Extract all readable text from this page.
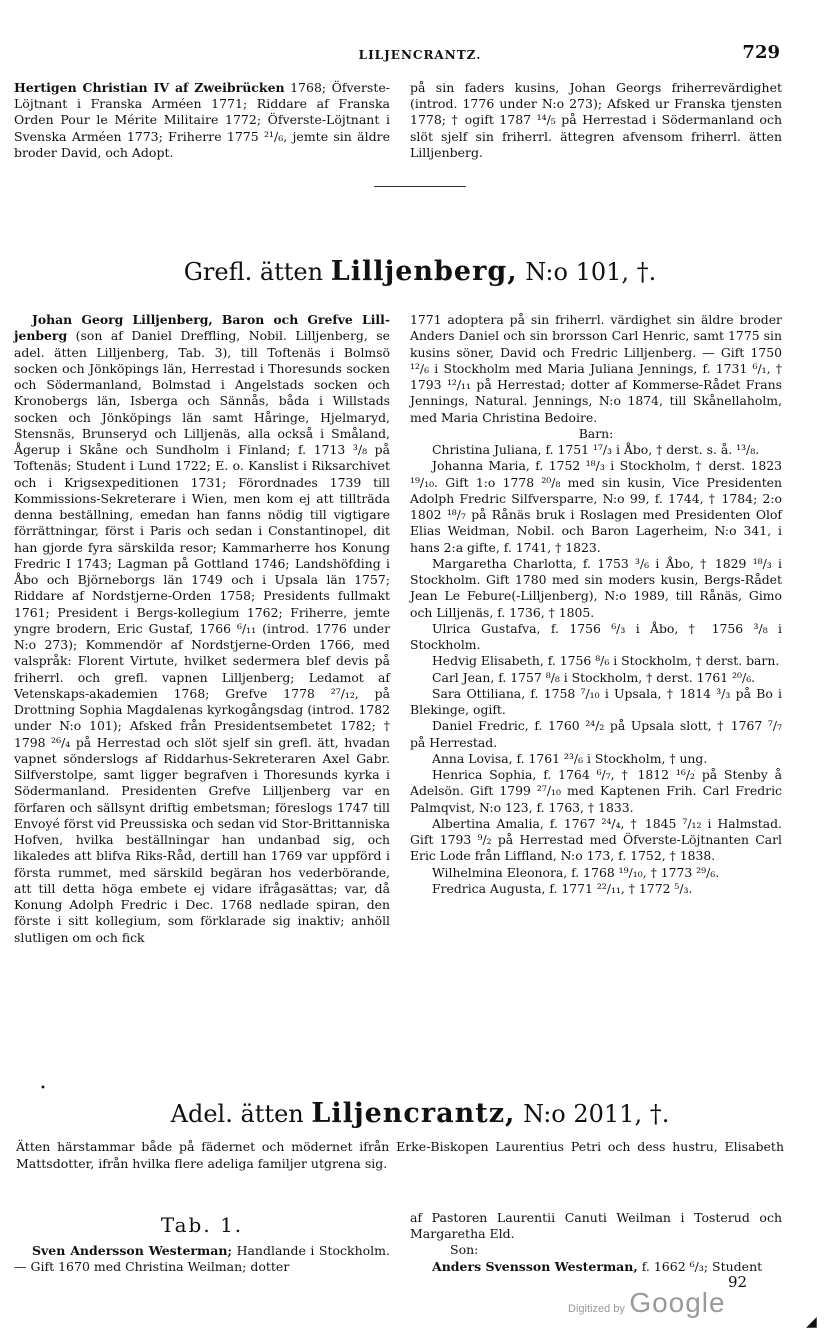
LILJENCRANTZ.	729

Hertigen Christian IV af Zweibrücken 1768; Öfverste-Löjtnant i Franska Arméen 1771; Riddare af Franska Orden Pour le Mérite Militaire 1772; Öfverste-Löjtnant i Svenska Arméen 1773; Friherre 1775 ²¹/₆, jemte sin äldre broder David, och Adopt.

på sin faders kusins, Johan Georgs friherrevärdighet (introd. 1776 under N:o 273); Afsked ur Franska tjensten 1778; † ogift 1787 ¹⁴/₅ på Herrestad i Södermanland och slöt sjelf sin friherrl. ättegren afvensom friherrl. ätten Lilljenberg.

Grefl. ätten Lilljenberg, N:o 101, †.

Johan Georg Lilljenberg, Baron och Grefve Lilljenberg (son af Daniel Dreffling, Nobil. Lilljenberg, se adel. ätten Lilljenberg, Tab. 3), till Toftenäs i Bolmsö socken och Jönköpings län, Herrestad i Thoresunds socken och Södermanland, Bolmstad i Angelstads socken och Kronobergs län, Isberga och Sännås, båda i Willstads socken och Jönköpings län samt Håringe, Hjelmaryd, Stensnäs, Brunseryd och Lilljenäs, alla också i Småland, Ågerup i Skåne och Sundholm i Finland; f. 1713 ³/₈ på Toftenäs; Student i Lund 1722; E. o. Kanslist i Riksarchivet och i Krigsexpeditionen 1731; Förordnades 1739 till Kommissions-Sekreterare i Wien, men kom ej att tillträda denna beställning, emedan han fanns nödig till vigtigare förrättningar, först i Paris och sedan i Constantinopel, dit han gjorde fyra särskilda resor; Kammarherre hos Konung Fredric I 1743; Lagman på Gottland 1746; Landshöfding i Åbo och Björneborgs län 1749 och i Upsala län 1757; Riddare af Nordstjerne-Orden 1758; Presidents fullmakt 1761; President i Bergs-kollegium 1762; Friherre, jemte yngre brodern, Eric Gustaf, 1766 ⁶/₁₁ (introd. 1776 under N:o 273); Kommendör af Nordstjerne-Orden 1766, med valspråk: Florent Virtute, hvilket sedermera blef devis på friherrl. och grefl. vapnen Lilljenberg; Ledamot af Vetenskaps-akademien 1768; Grefve 1778 ²⁷/₁₂, på Drottning Sophia Magdalenas kyrkogångsdag (introd. 1782 under N:o 101); Afsked från Presidentsembetet 1782; † 1798 ²⁶/₄ på Herrestad och slöt sjelf sin grefl. ätt, hvadan vapnet sönderslogs af Riddarhus-Sekreteraren Axel Gabr. Silfverstolpe, samt ligger begrafven i Thoresunds kyrka i Södermanland. Presidenten Grefve Lilljenberg var en förfaren och sällsynt driftig embetsman; föreslogs 1747 till Envoyé först vid Preussiska och sedan vid Stor-Brittanniska Hofven, hvilka beställningar han undanbad sig, och likaledes att blifva Riks-Råd, dertill han 1769 var uppförd i första rummet, med särskild begäran hos vederbörande, att till detta höga embete ej vidare ifrågasättas; var, då Konung Adolph Fredric i Dec. 1768 nedlade spiran, den förste i sitt kollegium, som förklarade sig inaktiv; anhöll slutligen om och fick

1771 adoptera på sin friherrl. värdighet sin äldre broder Anders Daniel och sin brorsson Carl Henric, samt 1775 sin kusins söner, David och Fredric Lilljenberg. — Gift 1750 ¹²/₆ i Stockholm med Maria Juliana Jennings, f. 1731 ⁶/₁, † 1793 ¹²/₁₁ på Herrestad; dotter af Kommerse-Rådet Frans Jennings, Natural. Jennings, N:o 1874, till Skånellaholm, med Maria Christina Bedoire.

Barn:

Christina Juliana, f. 1751 ¹⁷/₃ i Åbo, † derst. s. å. ¹³/₈.

Johanna Maria, f. 1752 ¹⁸/₃ i Stockholm, † derst. 1823 ¹⁹/₁₀. Gift 1:o 1778 ²⁰/₈ med sin kusin, Vice Presidenten Adolph Fredric Silfversparre, N:o 99, f. 1744, † 1784; 2:o 1802 ¹⁸/₇ på Rånäs bruk i Roslagen med Presidenten Olof Elias Weidman, Nobil. och Baron Lagerheim, N:o 341, i hans 2:a gifte, f. 1741, † 1823.

Margaretha Charlotta, f. 1753 ³/₆ i Åbo, † 1829 ¹⁸/₃ i Stockholm. Gift 1780 med sin moders kusin, Bergs-Rådet Jean Le Febure(-Lilljenberg), N:o 1989, till Rånäs, Gimo och Lilljenäs, f. 1736, † 1805.

Ulrica Gustafva, f. 1756 ⁶/₃ i Åbo, † 1756 ³/₈ i Stockholm.

Hedvig Elisabeth, f. 1756 ⁸/₆ i Stockholm, † derst. barn.

Carl Jean, f. 1757 ⁸/₈ i Stockholm, † derst. 1761 ²⁰/₆.

Sara Ottiliana, f. 1758 ⁷/₁₀ i Upsala, † 1814 ³/₃ på Bo i Blekinge, ogift.

Daniel Fredric, f. 1760 ²⁴/₂ på Upsala slott, † 1767 ⁷/₇ på Herrestad.

Anna Lovisa, f. 1761 ²³/₆ i Stockholm, † ung.

Henrica Sophia, f. 1764 ⁶/₇, † 1812 ¹⁶/₂ på Stenby å Adelsön. Gift 1799 ²⁷/₁₀ med Kaptenen Frih. Carl Fredric Palmqvist, N:o 123, f. 1763, † 1833.

Albertina Amalia, f. 1767 ²⁴/₄, † 1845 ⁷/₁₂ i Halmstad. Gift 1793 ⁹/₂ på Herrestad med Öfverste-Löjtnanten Carl Eric Lode från Liffland, N:o 173, f. 1752, † 1838.

Wilhelmina Eleonora, f. 1768 ¹⁹/₁₀, † 1773 ²⁹/₆.

Fredrica Augusta, f. 1771 ²²/₁₁, † 1772 ⁵/₃.

•
Adel. ätten Liljencrantz, N:o 2011, †.
Ätten härstammar både på fädernet och mödernet ifrån Erke-Biskopen Laurentius Petri och dess hustru, Elisabeth Mattsdotter, ifrån hvilka flere adeliga familjer utgrena sig.
Tab. 1.

Sven Andersson Westerman; Handlande i Stockholm. — Gift 1670 med Christina Weilman; dotter

af Pastoren Laurentii Canuti Weilman i Tosterud och Margaretha Eld.

Son:

Anders Svensson Westerman, f. 1662 ⁶/₃; Student

92
Digitized by Google
◢
